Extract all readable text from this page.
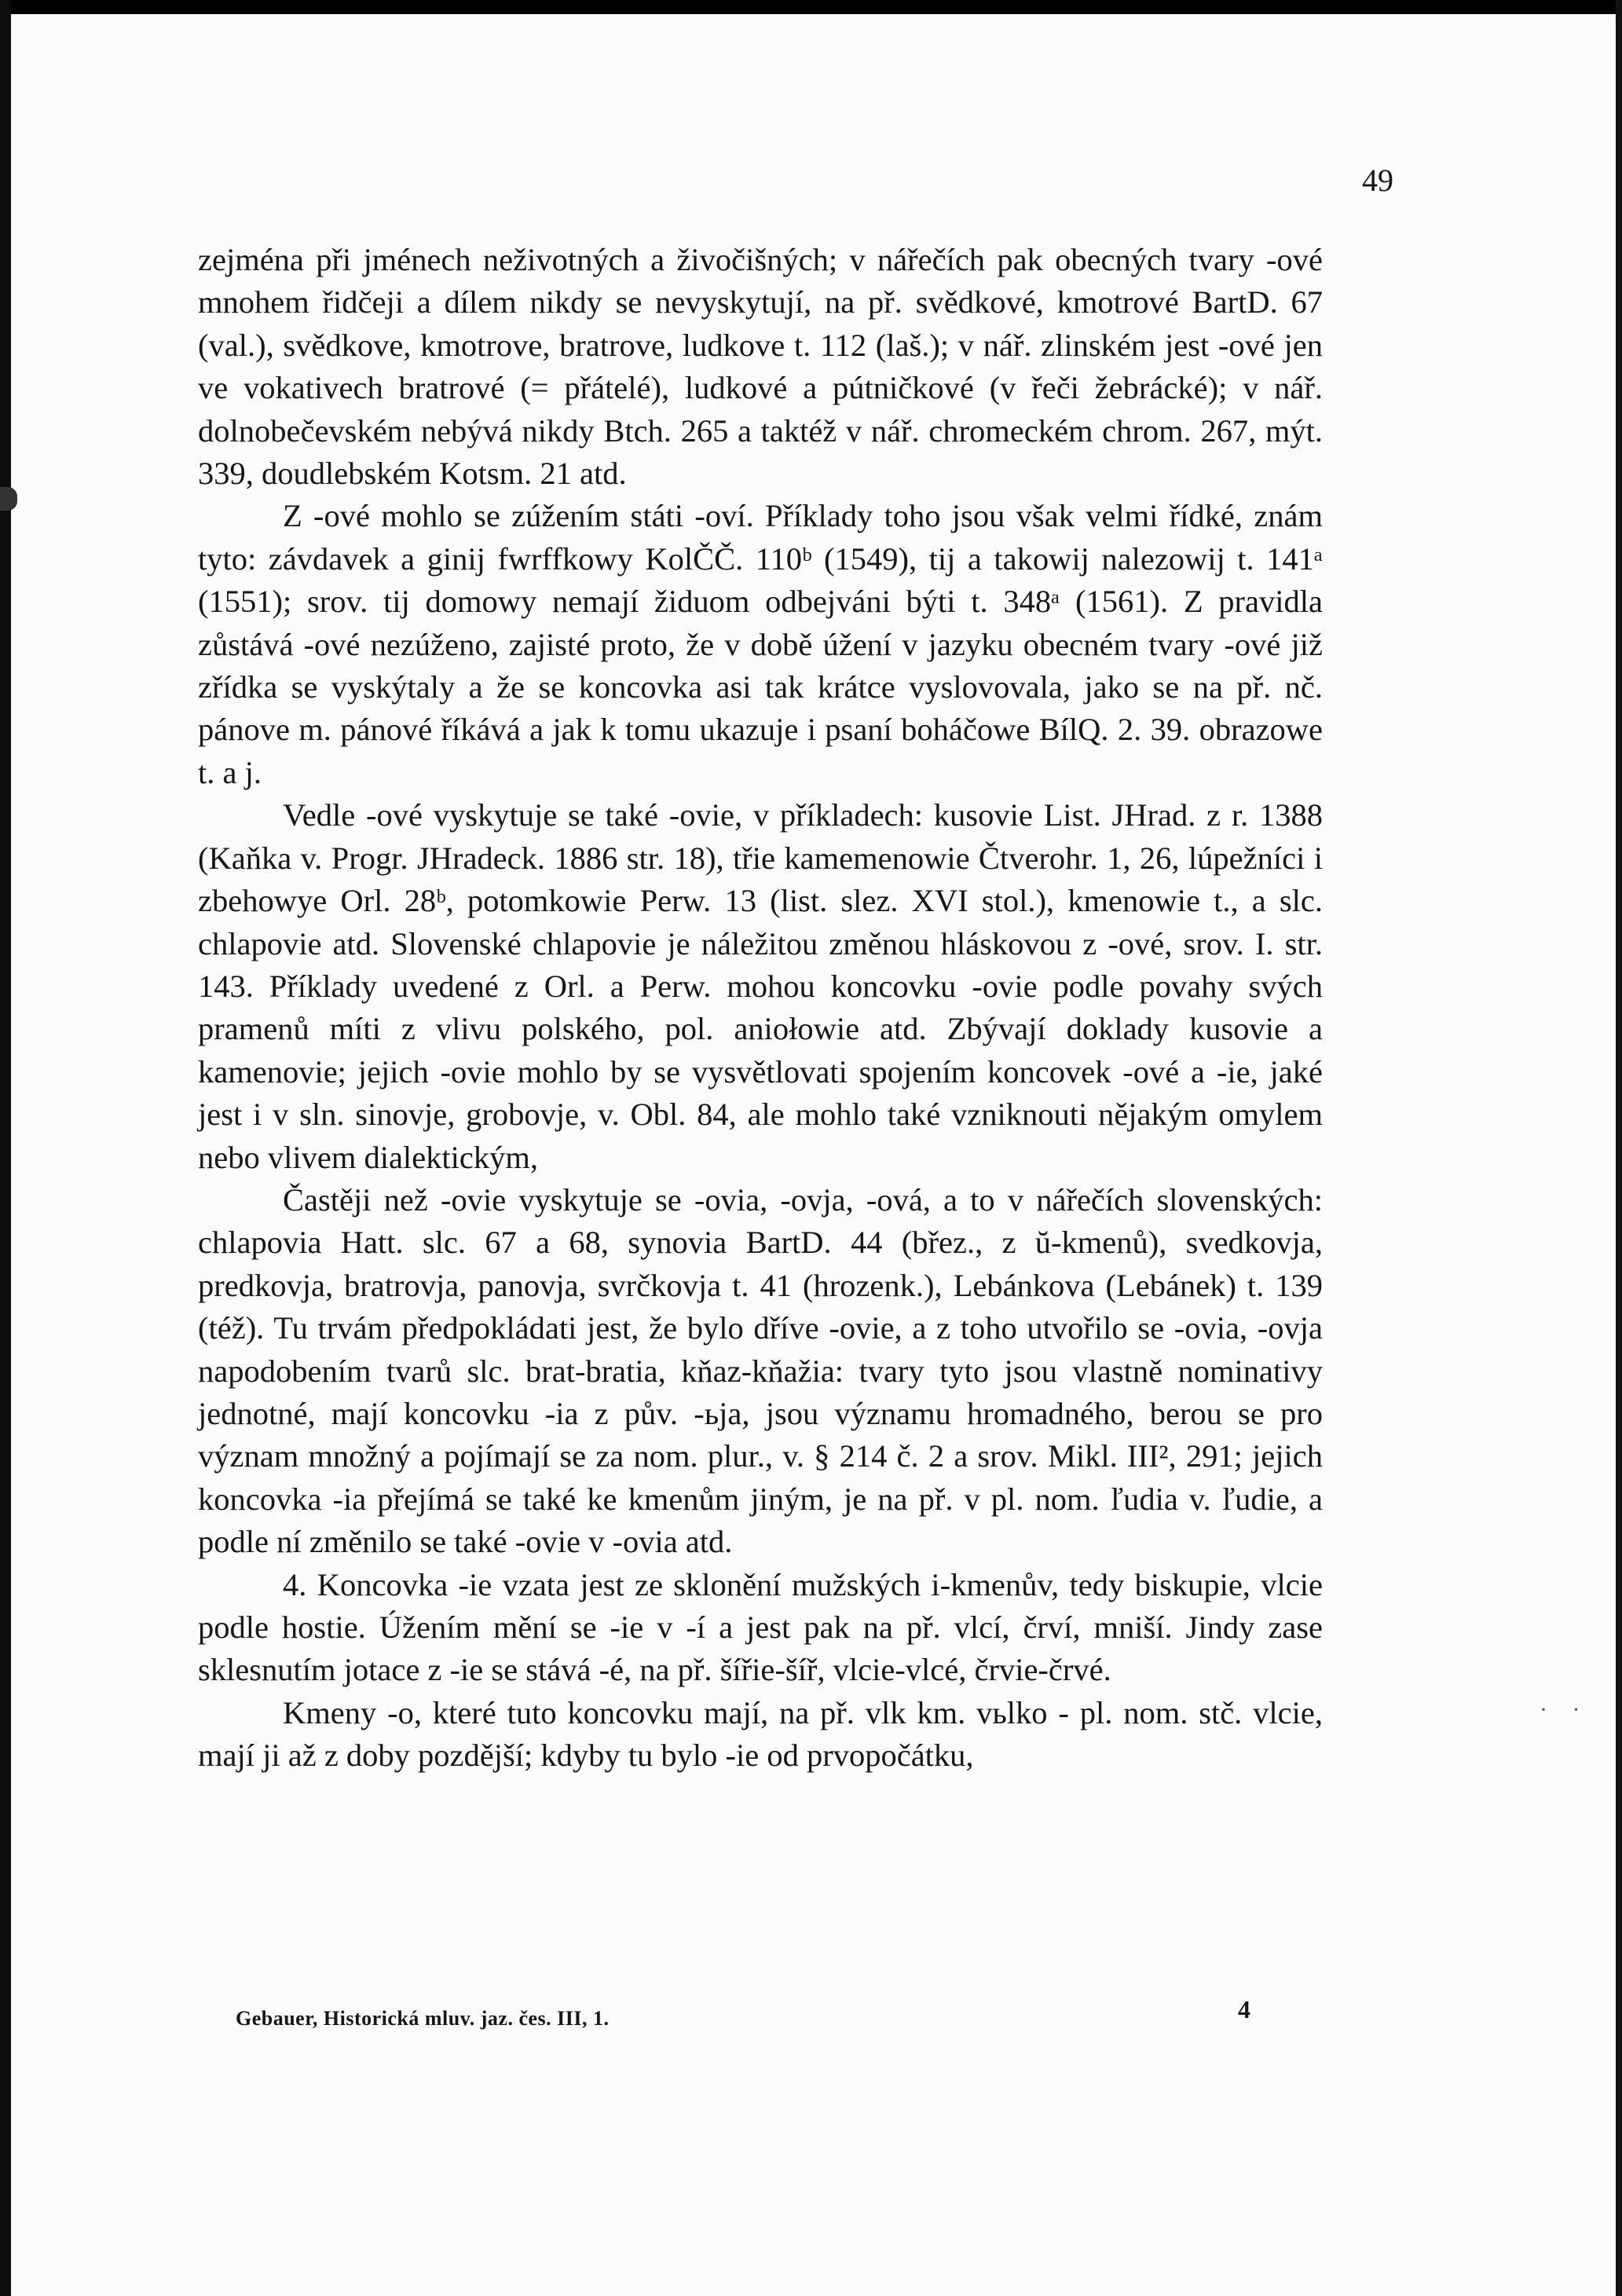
49

zejména při jménech neživotných a živočišných; v nářečích pak obecných tvary -ové mnohem řidčeji a dílem nikdy se nevyskytují, na př. svědkové, kmotrové BartD. 67 (val.), svědkove, kmotrove, bratrove, ludkove t. 112 (laš.); v nář. zlinském jest -ové jen ve vokativech bratrové (= přátelé), ludkové a pútničkové (v řeči žebrácké); v nář. dolnobečevském nebývá nikdy Btch. 265 a taktéž v nář. chromeckém chrom. 267, mýt. 339, doudlebském Kotsm. 21 atd.

Z -ové mohlo se zúžením státi -oví. Příklady toho jsou však velmi řídké, znám tyto: závdavek a ginij fwrffkowy KolČČ. 110ᵇ (1549), tij a takowij nalezowij t. 141ᵃ (1551); srov. tij domowy nemají židuom odbejváni býti t. 348ᵃ (1561). Z pravidla zůstává -ové nezúženo, zajisté proto, že v době úžení v jazyku obecném tvary -ové již zřídka se vyskýtaly a že se koncovka asi tak krátce vyslovovala, jako se na př. nč. pánove m. pánové říkává a jak k tomu ukazuje i psaní boháčowe BílQ. 2. 39. obrazowe t. a j.

Vedle -ové vyskytuje se také -ovie, v příkladech: kusovie List. JHrad. z r. 1388 (Kaňka v. Progr. JHradeck. 1886 str. 18), třie kamemenowie Čtverohr. 1, 26, lúpežníci i zbehowye Orl. 28ᵇ, potomkowie Perw. 13 (list. slez. XVI stol.), kmenowie t., a slc. chlapovie atd. Slovenské chlapovie je náležitou změnou hláskovou z -ové, srov. I. str. 143. Příklady uvedené z Orl. a Perw. mohou koncovku -ovie podle povahy svých pramenů míti z vlivu polského, pol. aniołowie atd. Zbývají doklady kusovie a kamenovie; jejich -ovie mohlo by se vysvětlovati spojením koncovek -ové a -ie, jaké jest i v sln. sinovje, grobovje, v. Obl. 84, ale mohlo také vzniknouti nějakým omylem nebo vlivem dialektickým,

Častěji než -ovie vyskytuje se -ovia, -ovja, -ová, a to v nářečích slovenských: chlapovia Hatt. slc. 67 a 68, synovia BartD. 44 (břez., z ŭ-kmenů), svedkovja, predkovja, bratrovja, panovja, svrčkovja t. 41 (hrozenk.), Lebánkova (Lebánek) t. 139 (též). Tu trvám předpokládati jest, že bylo dříve -ovie, a z toho utvořilo se -ovia, -ovja napodobením tvarů slc. brat-bratia, kňaz-kňažia: tvary tyto jsou vlastně nominativy jednotné, mají koncovku -ia z pův. -ьja, jsou významu hromadného, berou se pro význam množný a pojímají se za nom. plur., v. § 214 č. 2 a srov. Mikl. III², 291; jejich koncovka -ia přejímá se také ke kmenům jiným, je na př. v pl. nom. ľudia v. ľudie, a podle ní změnilo se také -ovie v -ovia atd.

4. Koncovka -ie vzata jest ze sklonění mužských i-kmenův, tedy biskupie, vlcie podle hostie. Úžením mění se -ie v -í a jest pak na př. vlcí, črví, mniší. Jindy zase sklesnutím jotace z -ie se stává -é, na př. šířie-šíř, vlcie-vlcé, črvie-črvé.

Kmeny -o, které tuto koncovku mají, na př. vlk km. vьlko - pl. nom. stč. vlcie, mají ji až z doby pozdější; kdyby tu bylo -ie od prvopočátku,

· ·
Gebauer, Historická mluv. jaz. čes. III, 1.	4
